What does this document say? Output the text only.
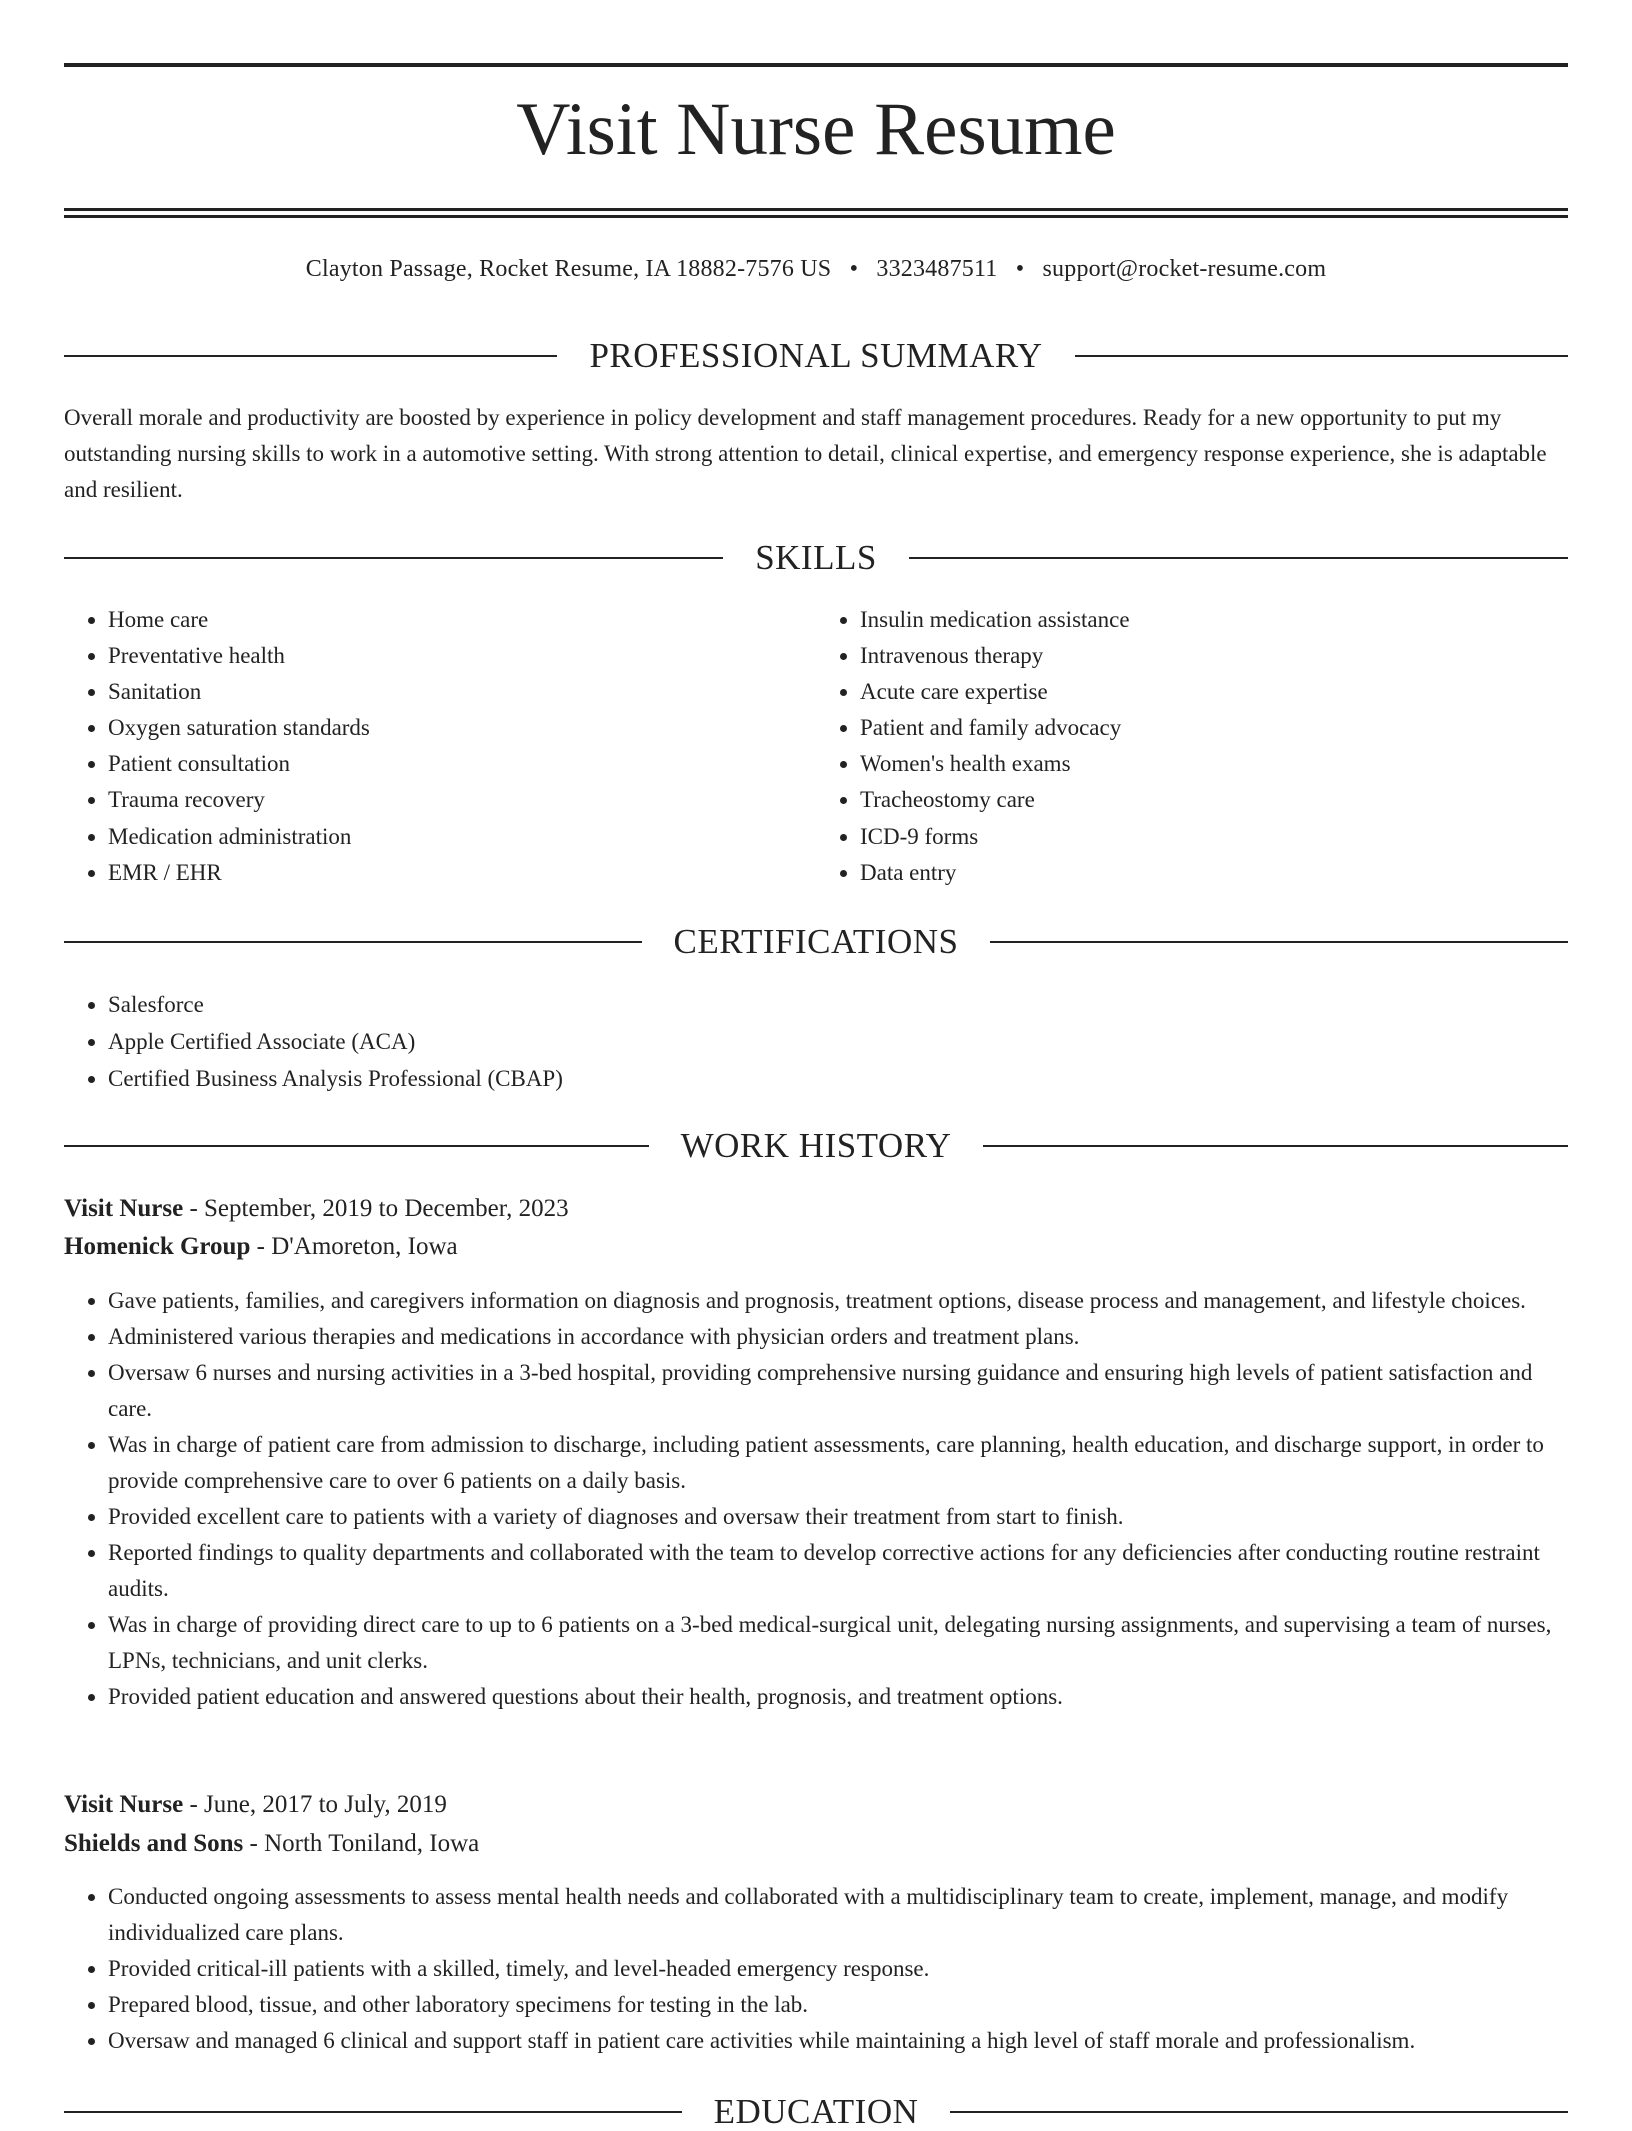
Visit Nurse Resume
Clayton Passage, Rocket Resume, IA 18882-7576 US • 3323487511 • support@rocket-resume.com
PROFESSIONAL SUMMARY
Overall morale and productivity are boosted by experience in policy development and staff management procedures. Ready for a new opportunity to put my outstanding nursing skills to work in a automotive setting. With strong attention to detail, clinical expertise, and emergency response experience, she is adaptable and resilient.
SKILLS
• Home care
• Preventative health
• Sanitation
• Oxygen saturation standards
• Patient consultation
• Trauma recovery
• Medication administration
• EMR / EHR
• Insulin medication assistance
• Intravenous therapy
• Acute care expertise
• Patient and family advocacy
• Women's health exams
• Tracheostomy care
• ICD-9 forms
• Data entry
CERTIFICATIONS
• Salesforce
• Apple Certified Associate (ACA)
• Certified Business Analysis Professional (CBAP)
WORK HISTORY
Visit Nurse - September, 2019 to December, 2023
Homenick Group - D'Amoreton, Iowa
• Gave patients, families, and caregivers information on diagnosis and prognosis, treatment options, disease process and management, and lifestyle choices.
• Administered various therapies and medications in accordance with physician orders and treatment plans.
• Oversaw 6 nurses and nursing activities in a 3-bed hospital, providing comprehensive nursing guidance and ensuring high levels of patient satisfaction and care.
• Was in charge of patient care from admission to discharge, including patient assessments, care planning, health education, and discharge support, in order to provide comprehensive care to over 6 patients on a daily basis.
• Provided excellent care to patients with a variety of diagnoses and oversaw their treatment from start to finish.
• Reported findings to quality departments and collaborated with the team to develop corrective actions for any deficiencies after conducting routine restraint audits.
• Was in charge of providing direct care to up to 6 patients on a 3-bed medical-surgical unit, delegating nursing assignments, and supervising a team of nurses, LPNs, technicians, and unit clerks.
• Provided patient education and answered questions about their health, prognosis, and treatment options.
Visit Nurse - June, 2017 to July, 2019
Shields and Sons - North Toniland, Iowa
• Conducted ongoing assessments to assess mental health needs and collaborated with a multidisciplinary team to create, implement, manage, and modify individualized care plans.
• Provided critical-ill patients with a skilled, timely, and level-headed emergency response.
• Prepared blood, tissue, and other laboratory specimens for testing in the lab.
• Oversaw and managed 6 clinical and support staff in patient care activities while maintaining a high level of staff morale and professionalism.
EDUCATION
